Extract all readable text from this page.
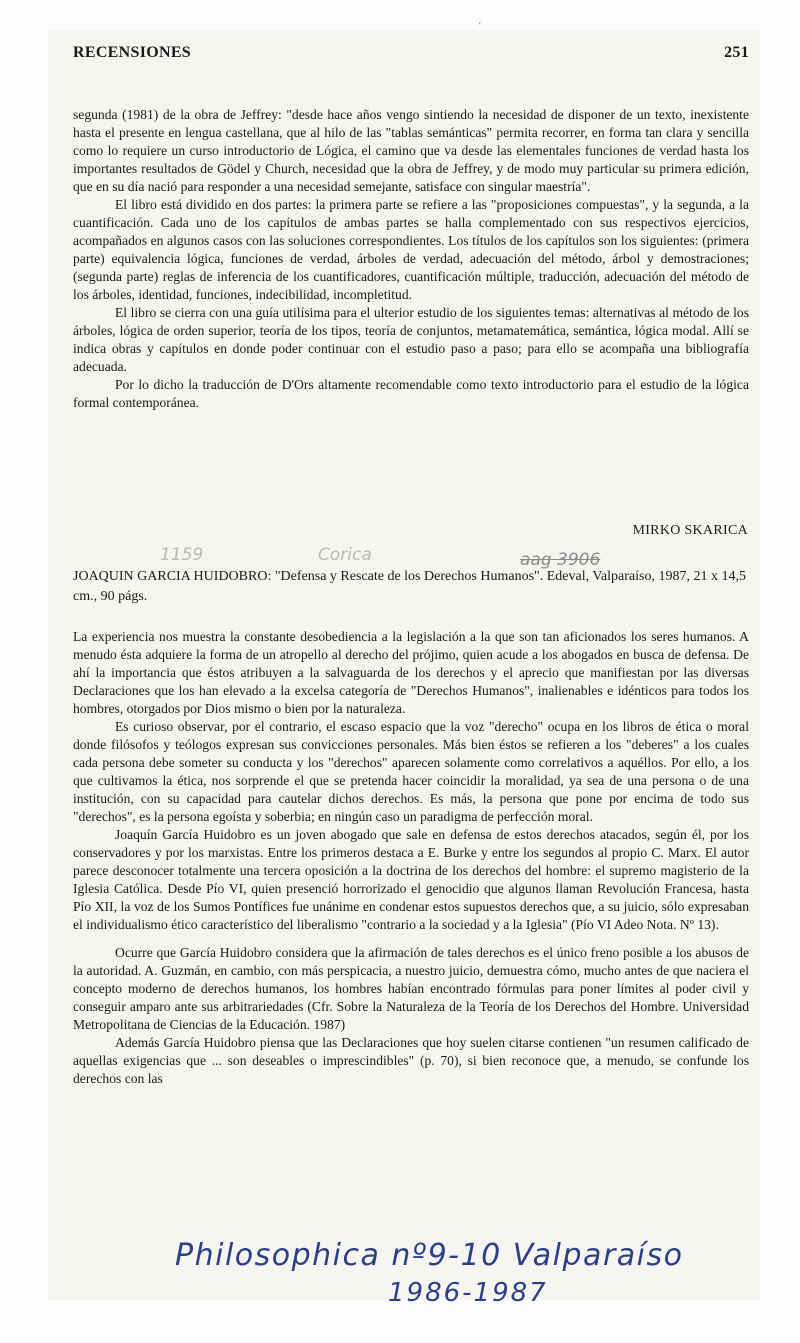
‘
RECENSIONES	251

segunda (1981) de la obra de Jeffrey: "desde hace años vengo sintiendo la necesidad de disponer de un texto, inexistente hasta el presente en lengua castellana, que al hilo de las "tablas semánticas" permita recorrer, en forma tan clara y sencilla como lo requiere un curso introductorio de Lógica, el camino que va desde las elementales funciones de verdad hasta los importantes resultados de Gödel y Church, necesidad que la obra de Jeffrey, y de modo muy particular su primera edición, que en su día nació para responder a una necesidad semejante, satisface con singular maestría".

El libro está dividido en dos partes: la primera parte se refiere a las "proposiciones compuestas", y la segunda, a la cuantificación. Cada uno de los capítulos de ambas partes se halla complementado con sus respectivos ejercicios, acompañados en algunos casos con las soluciones correspondientes. Los títulos de los capítulos son los siguientes: (primera parte) equivalencia lógica, funciones de verdad, árboles de verdad, adecuación del método, árbol y demostraciones; (segunda parte) reglas de inferencia de los cuantificadores, cuantificación múltiple, traducción, adecuación del método de los árboles, identidad, funciones, indecibilidad, incompletitud.

El libro se cierra con una guía utilísima para el ulterior estudio de los siguientes temas: alternativas al método de los árboles, lógica de orden superior, teoría de los tipos, teoría de conjuntos, metamatemática, semántica, lógica modal. Allí se indica obras y capítulos en donde poder continuar con el estudio paso a paso; para ello se acompaña una bibliografía adecuada.

Por lo dicho la traducción de D'Ors altamente recomendable como texto introductorio para el estudio de la lógica formal contemporánea.

MIRKO SKARICA
1159	Corica	aag 3906
JOAQUIN GARCIA HUIDOBRO: "Defensa y Rescate de los Derechos Humanos". Edeval, Valparaíso, 1987, 21 x 14,5 cm., 90 págs.

La experiencia nos muestra la constante desobediencia a la legislación a la que son tan aficionados los seres humanos. A menudo ésta adquiere la forma de un atropello al derecho del prójimo, quien acude a los abogados en busca de defensa. De ahí la importancia que éstos atribuyen a la salvaguarda de los derechos y el aprecio que manifiestan por las diversas Declaraciones que los han elevado a la excelsa categoría de "Derechos Humanos", inalienables e idénticos para todos los hombres, otorgados por Dios mismo o bien por la naturaleza.

Es curioso observar, por el contrario, el escaso espacio que la voz "derecho" ocupa en los libros de ética o moral donde filósofos y teólogos expresan sus convicciones personales. Más bien éstos se refieren a los "deberes" a los cuales cada persona debe someter su conducta y los "derechos" aparecen solamente como correlativos a aquéllos. Por ello, a los que cultivamos la ética, nos sorprende el que se pretenda hacer coincidir la moralidad, ya sea de una persona o de una institución, con su capacidad para cautelar dichos derechos. Es más, la persona que pone por encima de todo sus "derechos", es la persona egoísta y soberbia; en ningún caso un paradigma de perfección moral.

Joaquín García Huidobro es un joven abogado que sale en defensa de estos derechos atacados, según él, por los conservadores y por los marxistas. Entre los primeros destaca a E. Burke y entre los segundos al propio C. Marx. El autor parece desconocer totalmente una tercera oposición a la doctrina de los derechos del hombre: el supremo magisterio de la Iglesia Católica. Desde Pío VI, quien presenció horrorizado el genocidio que algunos llaman Revolución Francesa, hasta Pío XII, la voz de los Sumos Pontífices fue unánime en condenar estos supuestos derechos que, a su juicio, sólo expresaban el individualismo ético característico del liberalismo "contrario a la sociedad y a la Iglesia" (Pío VI Adeo Nota. Nº 13).

Ocurre que García Huidobro considera que la afirmación de tales derechos es el único freno posible a los abusos de la autoridad. A. Guzmán, en cambio, con más perspicacia, a nuestro juicio, demuestra cómo, mucho antes de que naciera el concepto moderno de derechos humanos, los hombres habían encontrado fórmulas para poner límites al poder civil y conseguir amparo ante sus arbitrariedades (Cfr. Sobre la Naturaleza de la Teoría de los Derechos del Hombre. Universidad Metropolitana de Ciencias de la Educación. 1987)

Además García Huidobro piensa que las Declaraciones que hoy suelen citarse contienen "un resumen calificado de aquellas exigencias que ... son deseables o imprescindibles" (p. 70), si bien reconoce que, a menudo, se confunde los derechos con las

Philosophica nº9-10 Valparaíso
1986-1987
